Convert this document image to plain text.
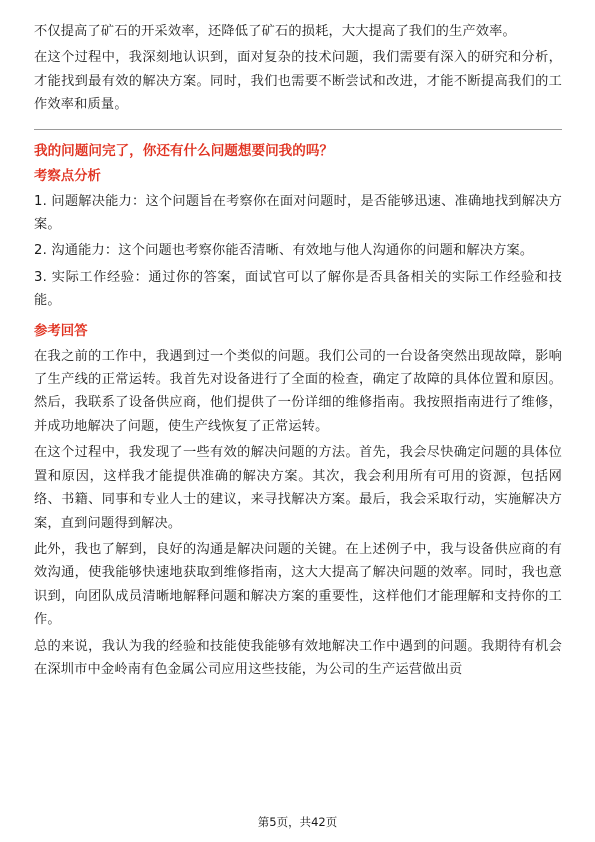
不仅提高了矿石的开采效率，还降低了矿石的损耗，大大提高了我们的生产效率。

在这个过程中，我深刻地认识到，面对复杂的技术问题，我们需要有深入的研究和分析，才能找到最有效的解决方案。同时，我们也需要不断尝试和改进，才能不断提高我们的工作效率和质量。

我的问题问完了，你还有什么问题想要问我的吗？

考察点分析

1. 问题解决能力：这个问题旨在考察你在面对问题时，是否能够迅速、准确地找到解决方案。

2. 沟通能力：这个问题也考察你能否清晰、有效地与他人沟通你的问题和解决方案。

3. 实际工作经验：通过你的答案，面试官可以了解你是否具备相关的实际工作经验和技能。

参考回答

在我之前的工作中，我遇到过一个类似的问题。我们公司的一台设备突然出现故障，影响了生产线的正常运转。我首先对设备进行了全面的检查，确定了故障的具体位置和原因。然后，我联系了设备供应商，他们提供了一份详细的维修指南。我按照指南进行了维修，并成功地解决了问题，使生产线恢复了正常运转。

在这个过程中，我发现了一些有效的解决问题的方法。首先，我会尽快确定问题的具体位置和原因，这样我才能提供准确的解决方案。其次，我会利用所有可用的资源，包括网络、书籍、同事和专业人士的建议，来寻找解决方案。最后，我会采取行动，实施解决方案，直到问题得到解决。

此外，我也了解到，良好的沟通是解决问题的关键。在上述例子中，我与设备供应商的有效沟通，使我能够快速地获取到维修指南，这大大提高了解决问题的效率。同时，我也意识到，向团队成员清晰地解释问题和解决方案的重要性，这样他们才能理解和支持你的工作。

总的来说，我认为我的经验和技能使我能够有效地解决工作中遇到的问题。我期待有机会在深圳市中金岭南有色金属公司应用这些技能，为公司的生产运营做出贡

第5页，共42页
